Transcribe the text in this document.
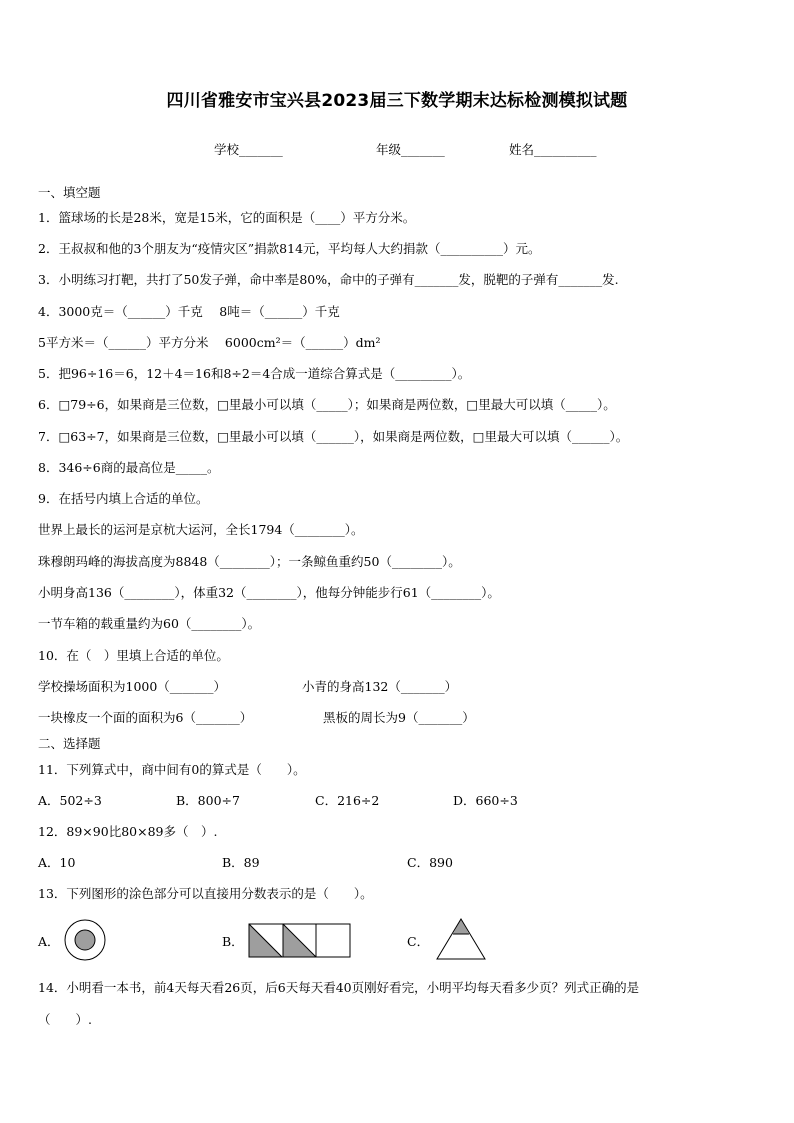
四川省雅安市宝兴县2023届三下数学期末达标检测模拟试题
学校_______	年级_______	姓名__________
一、填空题
1．篮球场的长是28米，宽是15米，它的面积是（____）平方分米。
2．王叔叔和他的3个朋友为“疫情灾区”捐款814元，平均每人大约捐款（__________）元。
3．小明练习打靶，共打了50发子弹，命中率是80%，命中的子弹有_______发，脱靶的子弹有_______发.
4．3000克＝（______）千克　 8吨＝（______）千克
5平方米＝（______）平方分米　 6000cm²＝（______）dm²
5．把96÷16＝6，12＋4＝16和8÷2＝4合成一道综合算式是（_________）。
6．□79÷6，如果商是三位数，□里最小可以填（_____）；如果商是两位数，□里最大可以填（_____）。
7．□63÷7，如果商是三位数，□里最小可以填（______），如果商是两位数，□里最大可以填（______）。
8．346÷6商的最高位是_____。
9．在括号内填上合适的单位。
世界上最长的运河是京杭大运河，全长1794（________）。
珠穆朗玛峰的海拔高度为8848（________）；一条鲸鱼重约50（________）。
小明身高136（________），体重32（________），他每分钟能步行61（________）。
一节车箱的载重量约为60（________）。
10．在（　）里填上合适的单位。
学校操场面积为1000（_______）	小青的身高132（_______）
一块橡皮一个面的面积为6（_______）	黑板的周长为9（_______）
二、选择题
11．下列算式中，商中间有0的算式是（　　）。
A．502÷3	B．800÷7	C．216÷2	D．660÷3
12．89×90比80×89多（　）.
A．10	B．89	C．890
13．下列图形的涂色部分可以直接用分数表示的是（　　）。
A．	B．	C．
14．小明看一本书，前4天每天看26页，后6天每天看40页刚好看完，小明平均每天看多少页？列式正确的是
（　　）.
